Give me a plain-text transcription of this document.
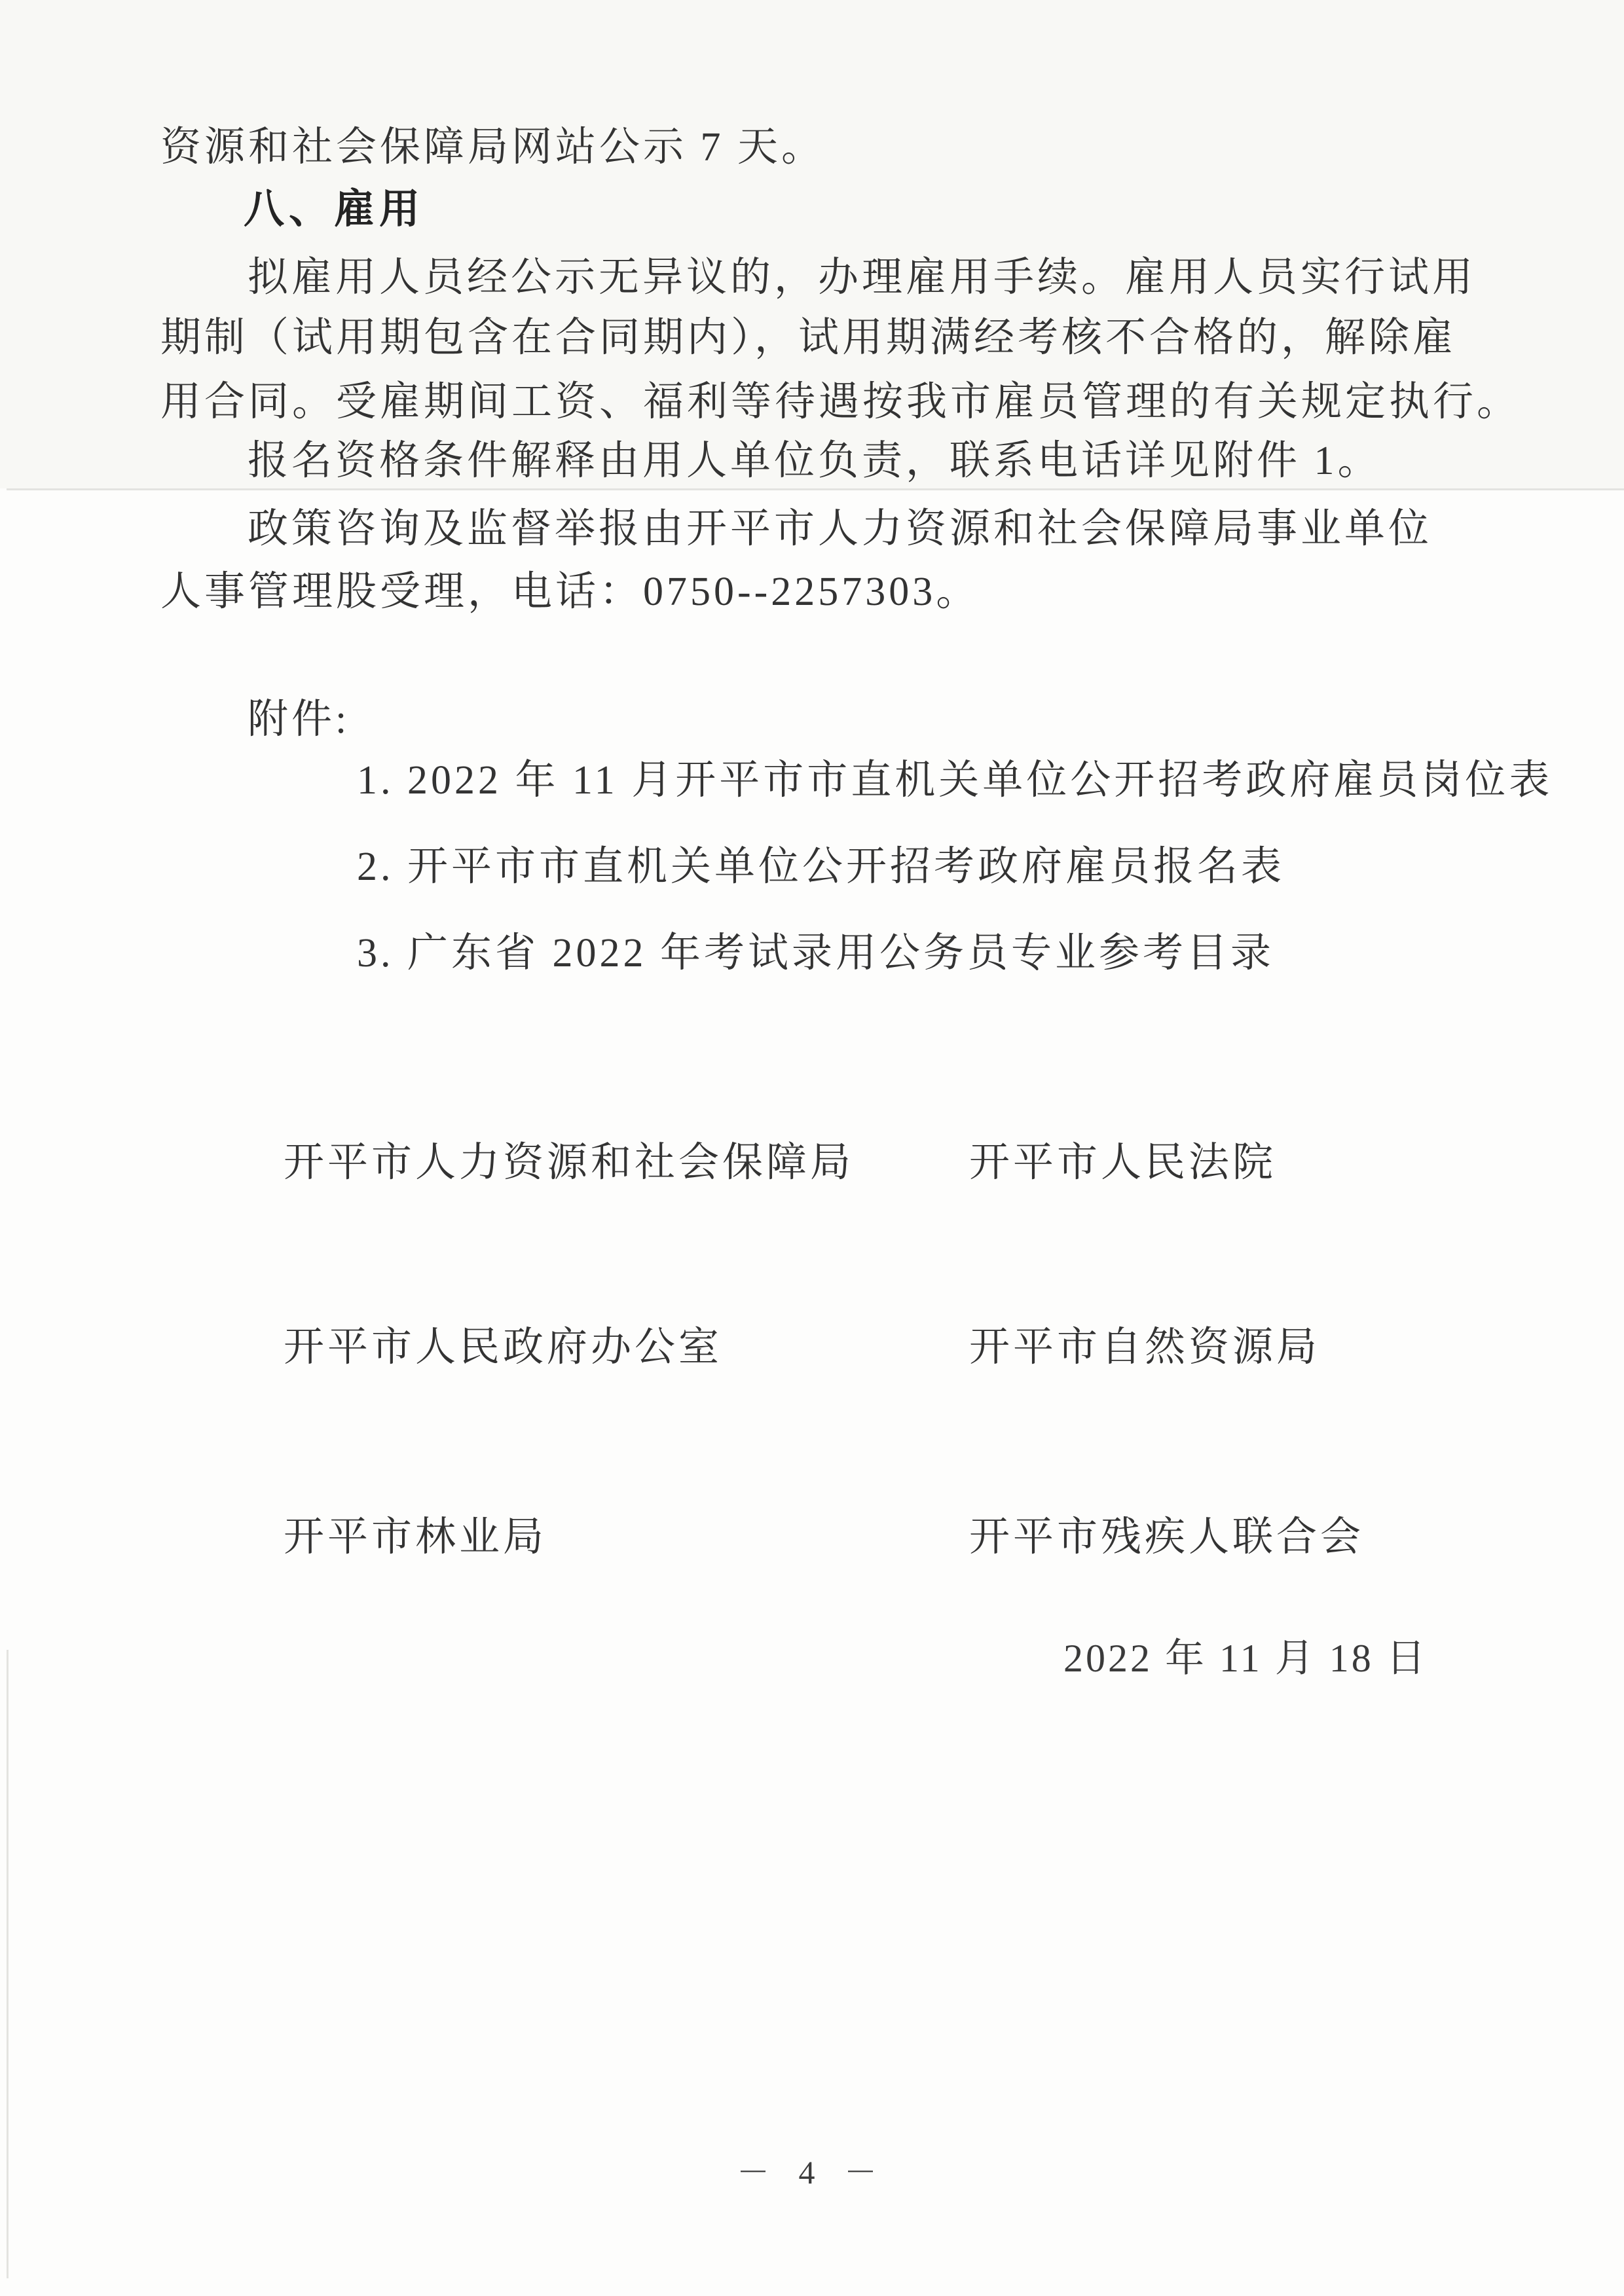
资源和社会保障局网站公示 7 天。
八、雇用
拟雇用人员经公示无异议的，办理雇用手续。雇用人员实行试用
期制（试用期包含在合同期内），试用期满经考核不合格的，解除雇
用合同。受雇期间工资、福利等待遇按我市雇员管理的有关规定执行。
报名资格条件解释由用人单位负责，联系电话详见附件 1。
政策咨询及监督举报由开平市人力资源和社会保障局事业单位
人事管理股受理，电话：0750--2257303。
附件:
1. 2022 年 11 月开平市市直机关单位公开招考政府雇员岗位表
2. 开平市市直机关单位公开招考政府雇员报名表
3. 广东省 2022 年考试录用公务员专业参考目录
开平市人力资源和社会保障局	开平市人民法院
开平市人民政府办公室	开平市自然资源局
开平市林业局	开平市残疾人联合会
2022 年 11 月 18 日
－ 4 －
